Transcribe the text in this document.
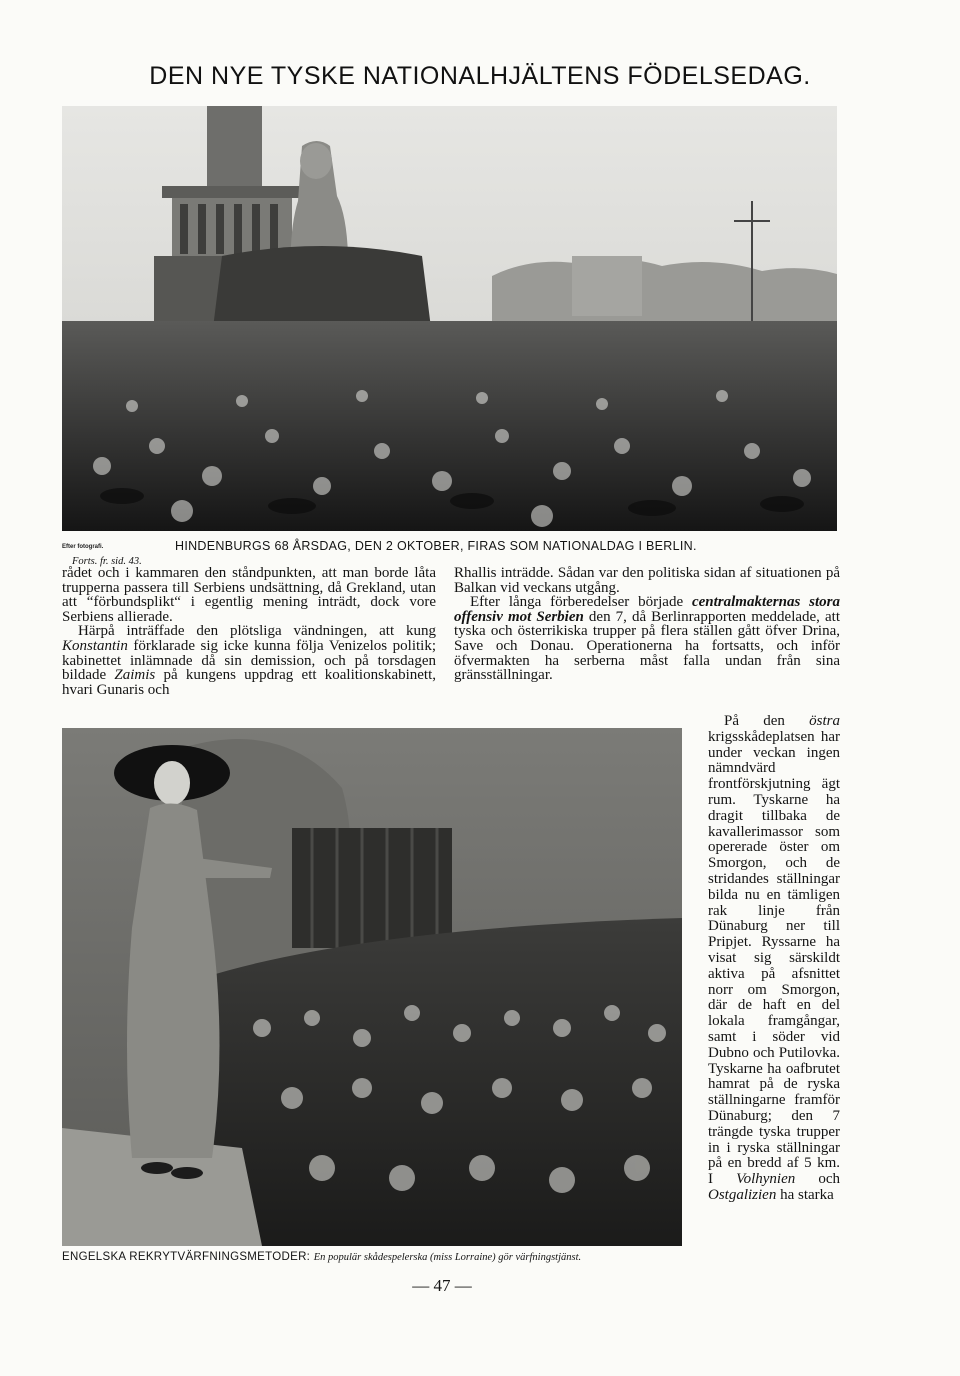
DEN NYE TYSKE NATIONALHJÄLTENS FÖDELSEDAG.
Efter fotografi.	HINDENBURGS 68 ÅRSDAG, DEN 2 OKTOBER, FIRAS SOM NATIONALDAG I BERLIN.
Forts. fr. sid. 43.

rådet och i kammaren den ståndpunkten, att man borde låta trupperna passera till Serbiens undsättning, då Grekland, utan att “förbundsplikt“ i egentlig mening inträdt, dock vore Serbiens allierade.

Härpå inträffade den plötsliga vändningen, att kung Konstantin förklarade sig icke kunna följa Venizelos politik; kabinettet inlämnade då sin demission, och på torsdagen bildade Zaimis på kungens uppdrag ett koalitionskabinett, hvari Gunaris och

Rhallis inträdde. Sådan var den politiska sidan af situationen på Balkan vid veckans utgång.

Efter långa förberedelser började centralmakternas stora offensiv mot Serbien den 7, då Berlinrapporten meddelade, att tyska och österrikiska trupper på flera ställen gått öfver Drina, Save och Donau. Operationerna ha fortsatts, och inför öfvermakten ha serberna måst falla undan från sina gränsställningar.

På den östra krigsskådeplatsen har under veckan ingen nämndvärd frontförskjutning ägt rum. Tyskarne ha dragit tillbaka de kavallerimassor som opererade öster om Smorgon, och de stridandes ställningar bilda nu en tämligen rak linje från Dünaburg ner till Pripjet. Ryssarne ha visat sig särskildt aktiva på afsnittet norr om Smorgon, där de haft en del lokala framgångar, samt i söder vid Dubno och Putilovka. Tyskarne ha oafbrutet hamrat på de ryska ställningarne framför Dünaburg; den 7 trängde tyska trupper in i ryska ställningar på en bredd af 5 km. I Volhynien och Ostgalizien ha starka

ENGELSKA REKRYTVÄRFNINGSMETODER: En populär skådespelerska (miss Lorraine) gör värfningstjänst.
— 47 —
